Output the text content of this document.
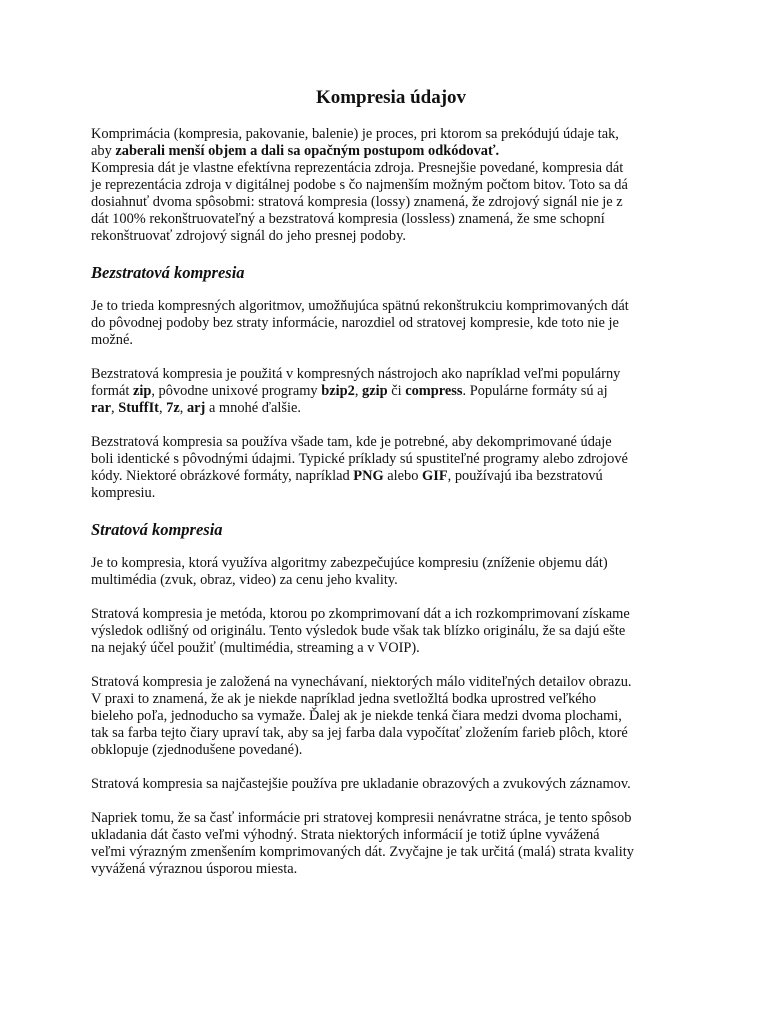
Kompresia údajov

Komprimácia (kompresia, pakovanie, balenie) je proces, pri ktorom sa prekódujú údaje tak,

aby zaberali menší objem a dali sa opačným postupom odkódovať.

Kompresia dát je vlastne efektívna reprezentácia zdroja. Presnejšie povedané, kompresia dát

je reprezentácia zdroja v digitálnej podobe s čo najmenším možným počtom bitov. Toto sa dá

dosiahnuť dvoma spôsobmi: stratová kompresia (lossy) znamená, že zdrojový signál nie je z

dát 100% rekonštruovateľný a bezstratová kompresia (lossless) znamená, že sme schopní

rekonštruovať zdrojový signál do jeho presnej podoby.

Bezstratová kompresia

Je to trieda kompresných algoritmov, umožňujúca spätnú rekonštrukciu komprimovaných dát

do pôvodnej podoby bez straty informácie, narozdiel od stratovej kompresie, kde toto nie je

možné.

Bezstratová kompresia je použitá v kompresných nástrojoch ako napríklad veľmi populárny

formát zip, pôvodne unixové programy bzip2, gzip či compress. Populárne formáty sú aj

rar, StuffIt, 7z, arj a mnohé ďalšie.

Bezstratová kompresia sa používa všade tam, kde je potrebné, aby dekomprimované údaje

boli identické s pôvodnými údajmi. Typické príklady sú spustiteľné programy alebo zdrojové

kódy. Niektoré obrázkové formáty, napríklad PNG alebo GIF, používajú iba bezstratovú

kompresiu.

Stratová kompresia

Je to kompresia, ktorá využíva algoritmy zabezpečujúce kompresiu (zníženie objemu dát)

multimédia (zvuk, obraz, video) za cenu jeho kvality.

Stratová kompresia je metóda, ktorou po zkomprimovaní dát a ich rozkomprimovaní získame

výsledok odlišný od originálu. Tento výsledok bude však tak blízko originálu, že sa dajú ešte

na nejaký účel použiť (multimédia, streaming a v VOIP).

Stratová kompresia je založená na vynechávaní, niektorých málo viditeľných detailov obrazu.

V praxi to znamená, že ak je niekde napríklad jedna svetložltá bodka uprostred veľkého

bieleho poľa, jednoducho sa vymaže. Ďalej ak je niekde tenká čiara medzi dvoma plochami,

tak sa farba tejto čiary upraví tak, aby sa jej farba dala vypočítať zložením farieb plôch, ktoré

obklopuje (zjednodušene povedané).

Stratová kompresia sa najčastejšie používa pre ukladanie obrazových a zvukových záznamov.

Napriek tomu, že sa časť informácie pri stratovej kompresii nenávratne stráca, je tento spôsob

ukladania dát často veľmi výhodný. Strata niektorých informácií je totiž úplne vyvážená

veľmi výrazným zmenšením komprimovaných dát. Zvyčajne je tak určitá (malá) strata kvality

vyvážená výraznou úsporou miesta.
